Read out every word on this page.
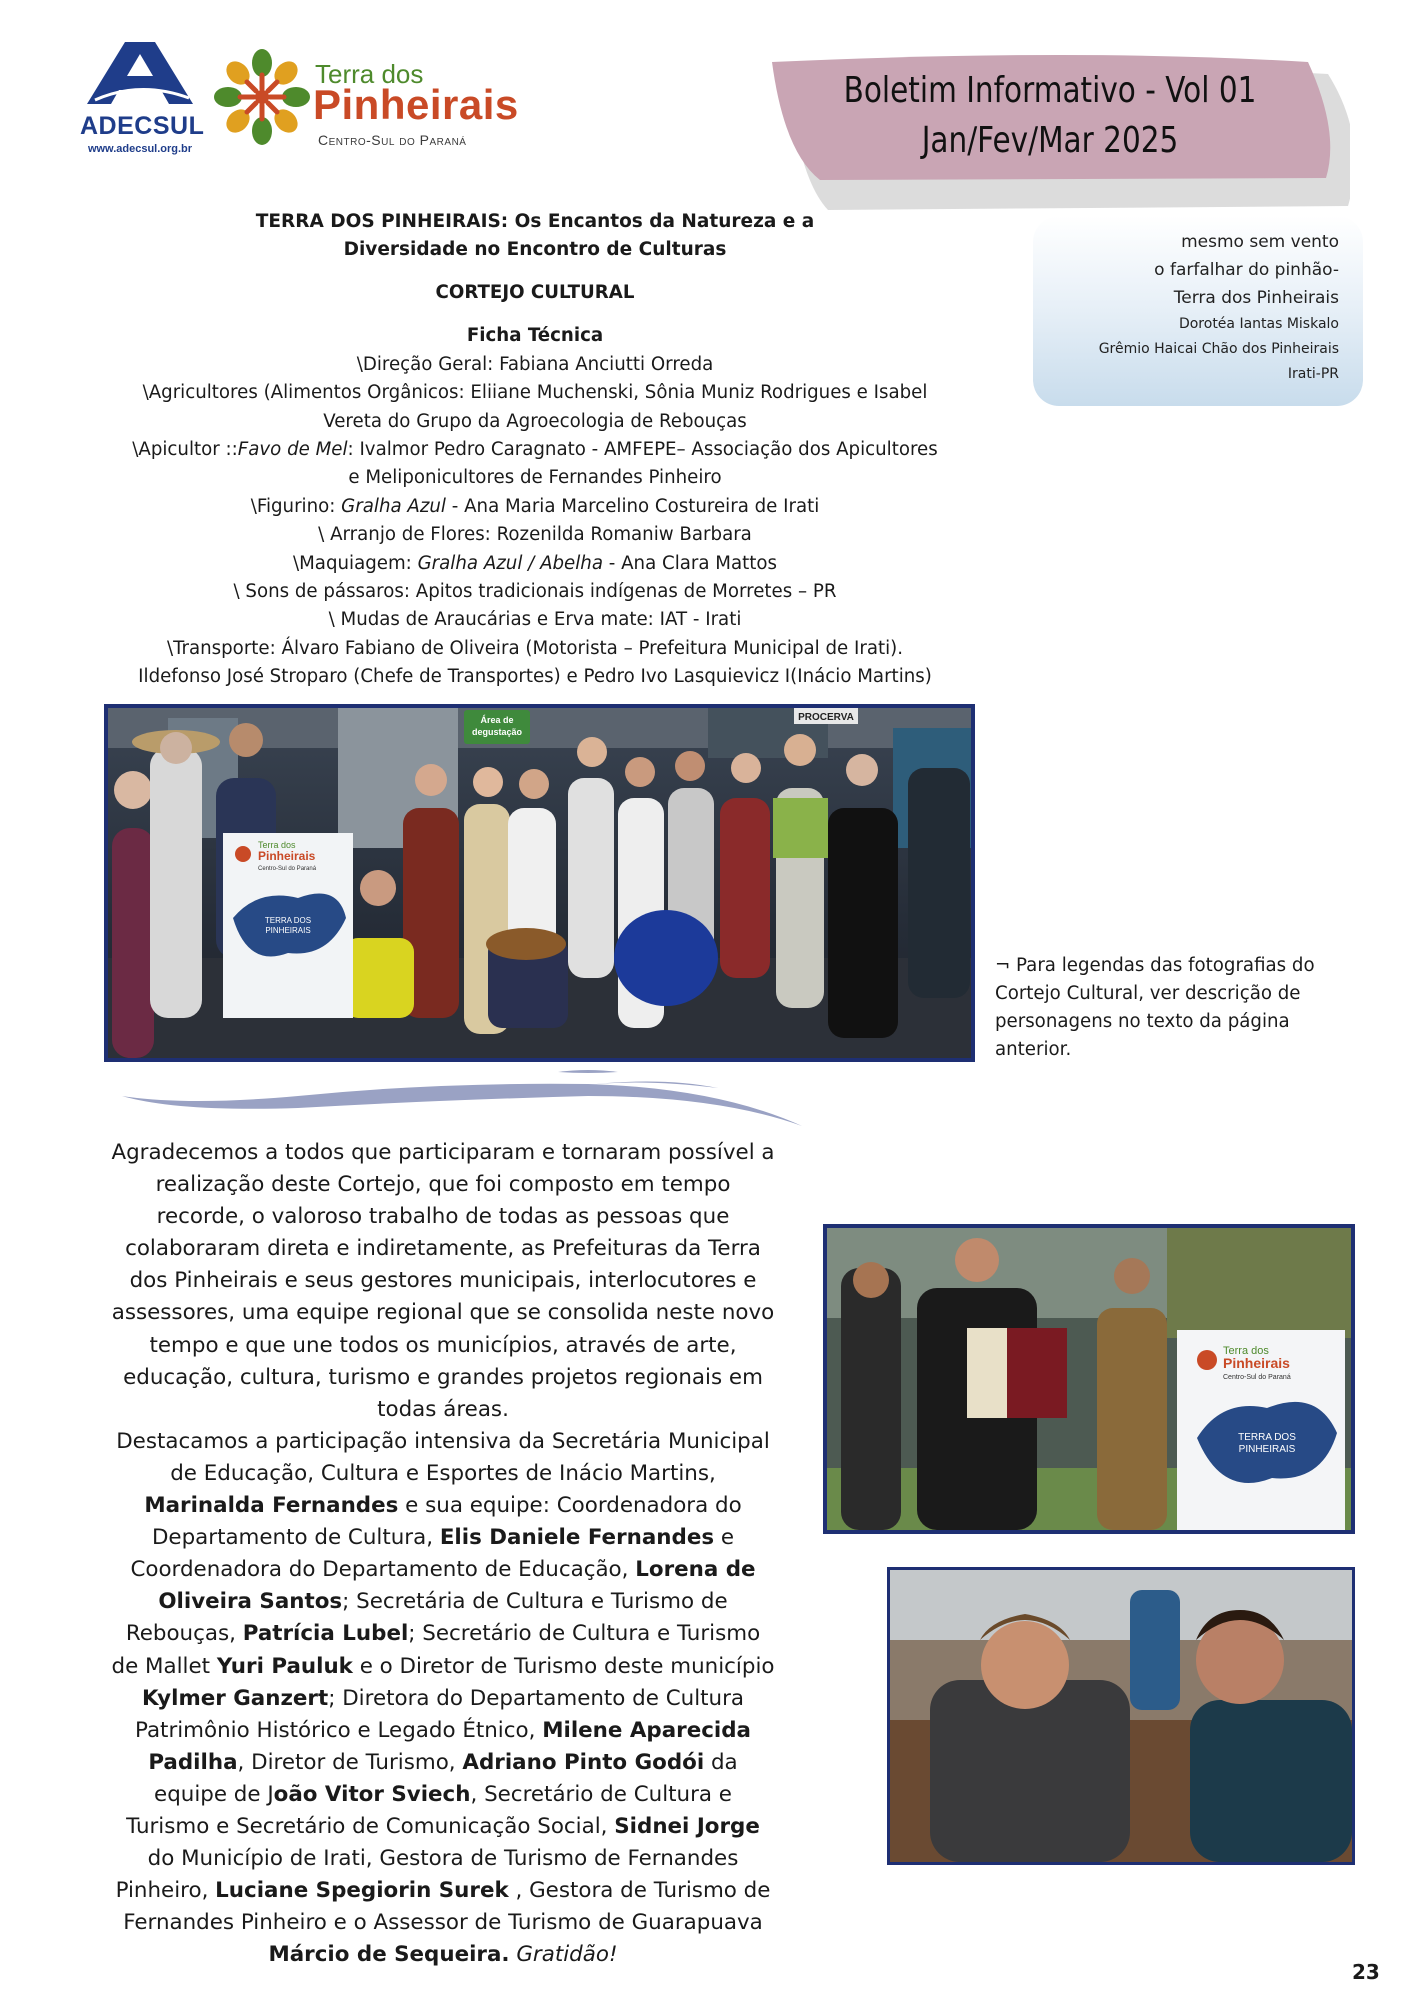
ADECSUL
www.adecsul.org.br
Terra dos
Pinheirais
Centro-Sul do Paraná
Boletim Informativo - Vol 01
Jan/Fev/Mar 2025
TERRA DOS PINHEIRAIS: Os Encantos da Natureza e a
Diversidade no Encontro de Culturas
CORTEJO CULTURAL
Ficha Técnica
\Direção Geral: Fabiana Anciutti Orreda
\Agricultores (Alimentos Orgânicos: Eliiane Muchenski, Sônia Muniz Rodrigues e Isabel
Vereta do Grupo da Agroecologia de Rebouças
\Apicultor ::Favo de Mel: Ivalmor Pedro Caragnato - AMFEPE– Associação dos Apicultores
e Meliponicultores de Fernandes Pinheiro
\Figurino: Gralha Azul - Ana Maria Marcelino Costureira de Irati
\ Arranjo de Flores: Rozenilda Romaniw Barbara
\Maquiagem: Gralha Azul / Abelha - Ana Clara Mattos
\ Sons de pássaros: Apitos tradicionais indígenas de Morretes – PR
\ Mudas de Araucárias e Erva mate: IAT - Irati
\Transporte: Álvaro Fabiano de Oliveira (Motorista – Prefeitura Municipal de Irati).
Ildefonso José Stroparo (Chefe de Transportes) e Pedro Ivo Lasquievicz I(Inácio Martins)
mesmo sem vento
o farfalhar do pinhão-
Terra dos Pinheirais
Dorotéa Iantas Miskalo
Grêmio Haicai Chão dos Pinheirais
Irati-PR
Área de
degustação
PROCERVA
Terra dos
Pinheirais
Centro-Sul do Paraná
TERRA DOS
PINHEIRAIS
¬ Para legendas das fotografias do Cortejo Cultural, ver descrição de personagens no texto da página anterior.
Agradecemos a todos que participaram e tornaram possível a realização deste Cortejo, que foi composto em tempo recorde, o valoroso trabalho de todas as pessoas que colaboraram direta e indiretamente, as Prefeituras da Terra dos Pinheirais e seus gestores municipais, interlocutores e assessores, uma equipe regional que se consolida neste novo tempo e que une todos os municípios, através de arte, educação, cultura, turismo e grandes projetos regionais em todas áreas.
Destacamos a participação intensiva da Secretária Municipal de Educação, Cultura e Esportes de Inácio Martins, Marinalda Fernandes e sua equipe: Coordenadora do Departamento de Cultura, Elis Daniele Fernandes e Coordenadora do Departamento de Educação, Lorena de Oliveira Santos; Secretária de Cultura e Turismo de Rebouças, Patrícia Lubel; Secretário de Cultura e Turismo de Mallet Yuri Pauluk e o Diretor de Turismo deste município Kylmer Ganzert; Diretora do Departamento de Cultura Patrimônio Histórico e Legado Étnico, Milene Aparecida Padilha, Diretor de Turismo, Adriano Pinto Godói da equipe de João Vitor Sviech, Secretário de Cultura e Turismo e Secretário de Comunicação Social, Sidnei Jorge do Município de Irati, Gestora de Turismo de Fernandes Pinheiro, Luciane Spegiorin Surek , Gestora de Turismo de Fernandes Pinheiro e o Assessor de Turismo de Guarapuava Márcio de Sequeira. Gratidão!
Terra dos
Pinheirais
Centro-Sul do Paraná
TERRA DOS
PINHEIRAIS
23
